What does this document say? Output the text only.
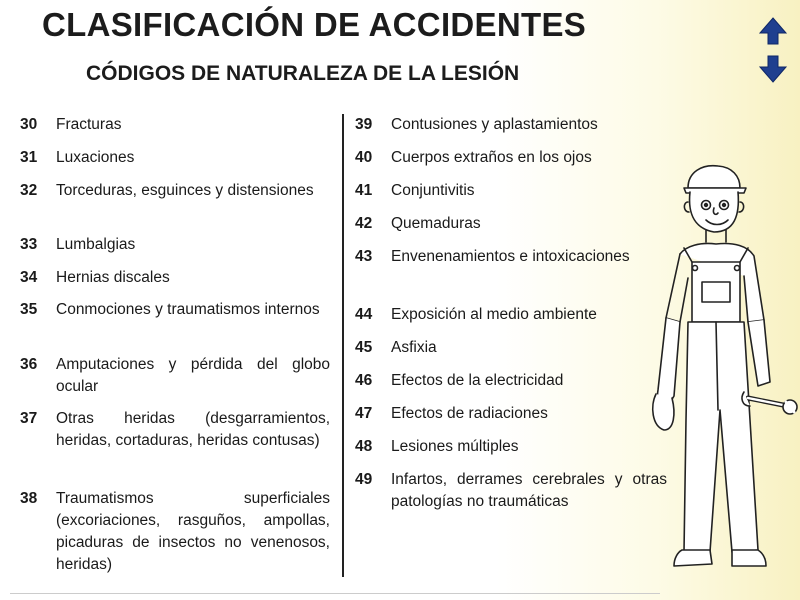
CLASIFICACIÓN DE ACCIDENTES
CÓDIGOS DE NATURALEZA DE LA LESIÓN
30	Fracturas
31	Luxaciones
32	Torceduras, esguinces y distensiones
33	Lumbalgias
34	Hernias discales
35	Conmociones y traumatismos internos
36	Amputaciones y pérdida del globo ocular
37	Otras heridas (desgarramientos, heridas, cortaduras, heridas contusas)
38	Traumatismos superficiales (excoriaciones, rasguños, ampollas, picaduras de insectos no venenosos, heridas)
39	Contusiones y aplastamientos
40	Cuerpos extraños en los ojos
41	Conjuntivitis
42	Quemaduras
43	Envenenamientos e intoxicaciones
44	Exposición al medio ambiente
45	Asfixia
46	Efectos de la electricidad
47	Efectos de radiaciones
48	Lesiones múltiples
49	Infartos, derrames cerebrales y otras patologías no traumáticas
